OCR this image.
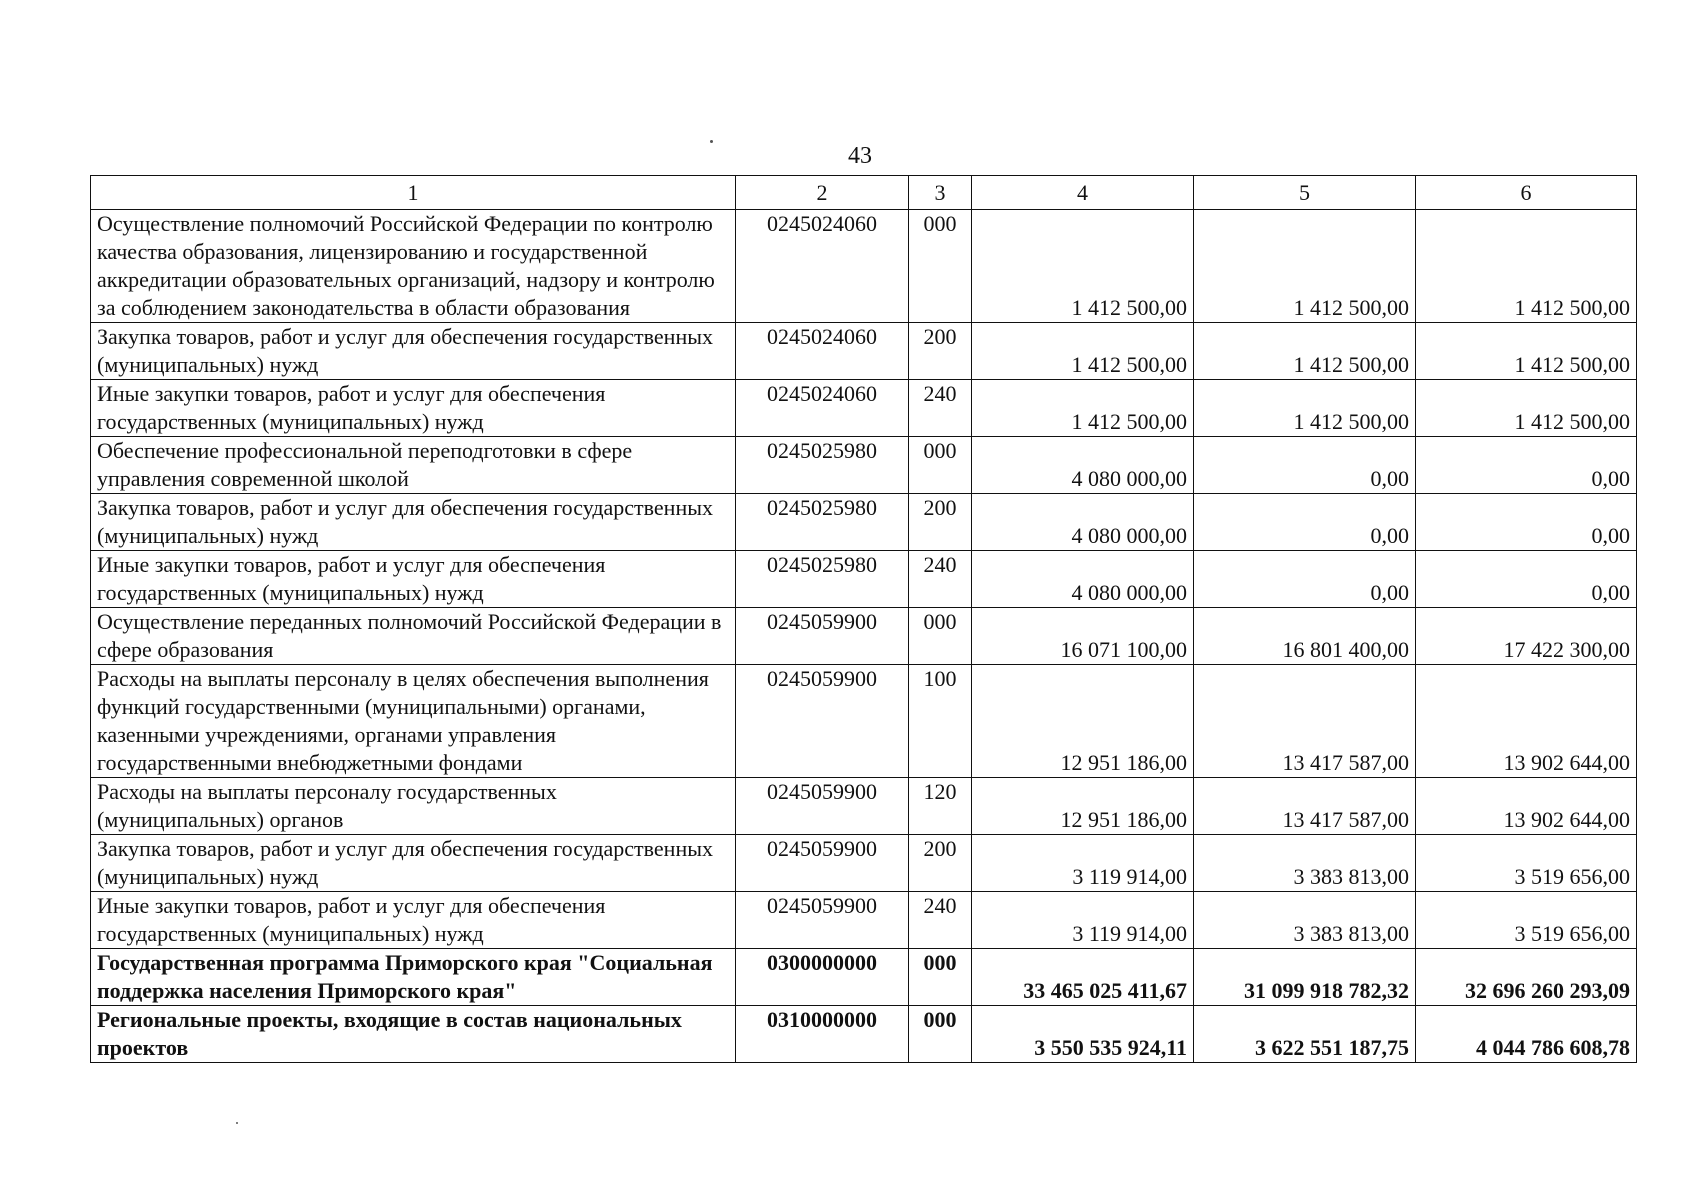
43
1	2	3	4	5	6
Осуществление полномочий Российской Федерации по контролю качества образования, лицензированию и государственной аккредитации образовательных организаций, надзору и контролю за соблюдением законодательства в области образования	0245024060	000	1 412 500,00	1 412 500,00	1 412 500,00
Закупка товаров, работ и услуг для обеспечения государственных (муниципальных) нужд	0245024060	200	1 412 500,00	1 412 500,00	1 412 500,00
Иные закупки товаров, работ и услуг для обеспечения государственных (муниципальных) нужд	0245024060	240	1 412 500,00	1 412 500,00	1 412 500,00
Обеспечение профессиональной переподготовки в сфере управления современной школой	0245025980	000	4 080 000,00	0,00	0,00
Закупка товаров, работ и услуг для обеспечения государственных (муниципальных) нужд	0245025980	200	4 080 000,00	0,00	0,00
Иные закупки товаров, работ и услуг для обеспечения государственных (муниципальных) нужд	0245025980	240	4 080 000,00	0,00	0,00
Осуществление переданных полномочий Российской Федерации в сфере образования	0245059900	000	16 071 100,00	16 801 400,00	17 422 300,00
Расходы на выплаты персоналу в целях обеспечения выполнения функций государственными (муниципальными) органами, казенными учреждениями, органами управления государственными внебюджетными фондами	0245059900	100	12 951 186,00	13 417 587,00	13 902 644,00
Расходы на выплаты персоналу государственных (муниципальных) органов	0245059900	120	12 951 186,00	13 417 587,00	13 902 644,00
Закупка товаров, работ и услуг для обеспечения государственных (муниципальных) нужд	0245059900	200	3 119 914,00	3 383 813,00	3 519 656,00
Иные закупки товаров, работ и услуг для обеспечения государственных (муниципальных) нужд	0245059900	240	3 119 914,00	3 383 813,00	3 519 656,00
Государственная программа Приморского края "Социальная поддержка населения Приморского края"	0300000000	000	33 465 025 411,67	31 099 918 782,32	32 696 260 293,09
Региональные проекты, входящие в состав национальных проектов	0310000000	000	3 550 535 924,11	3 622 551 187,75	4 044 786 608,78
